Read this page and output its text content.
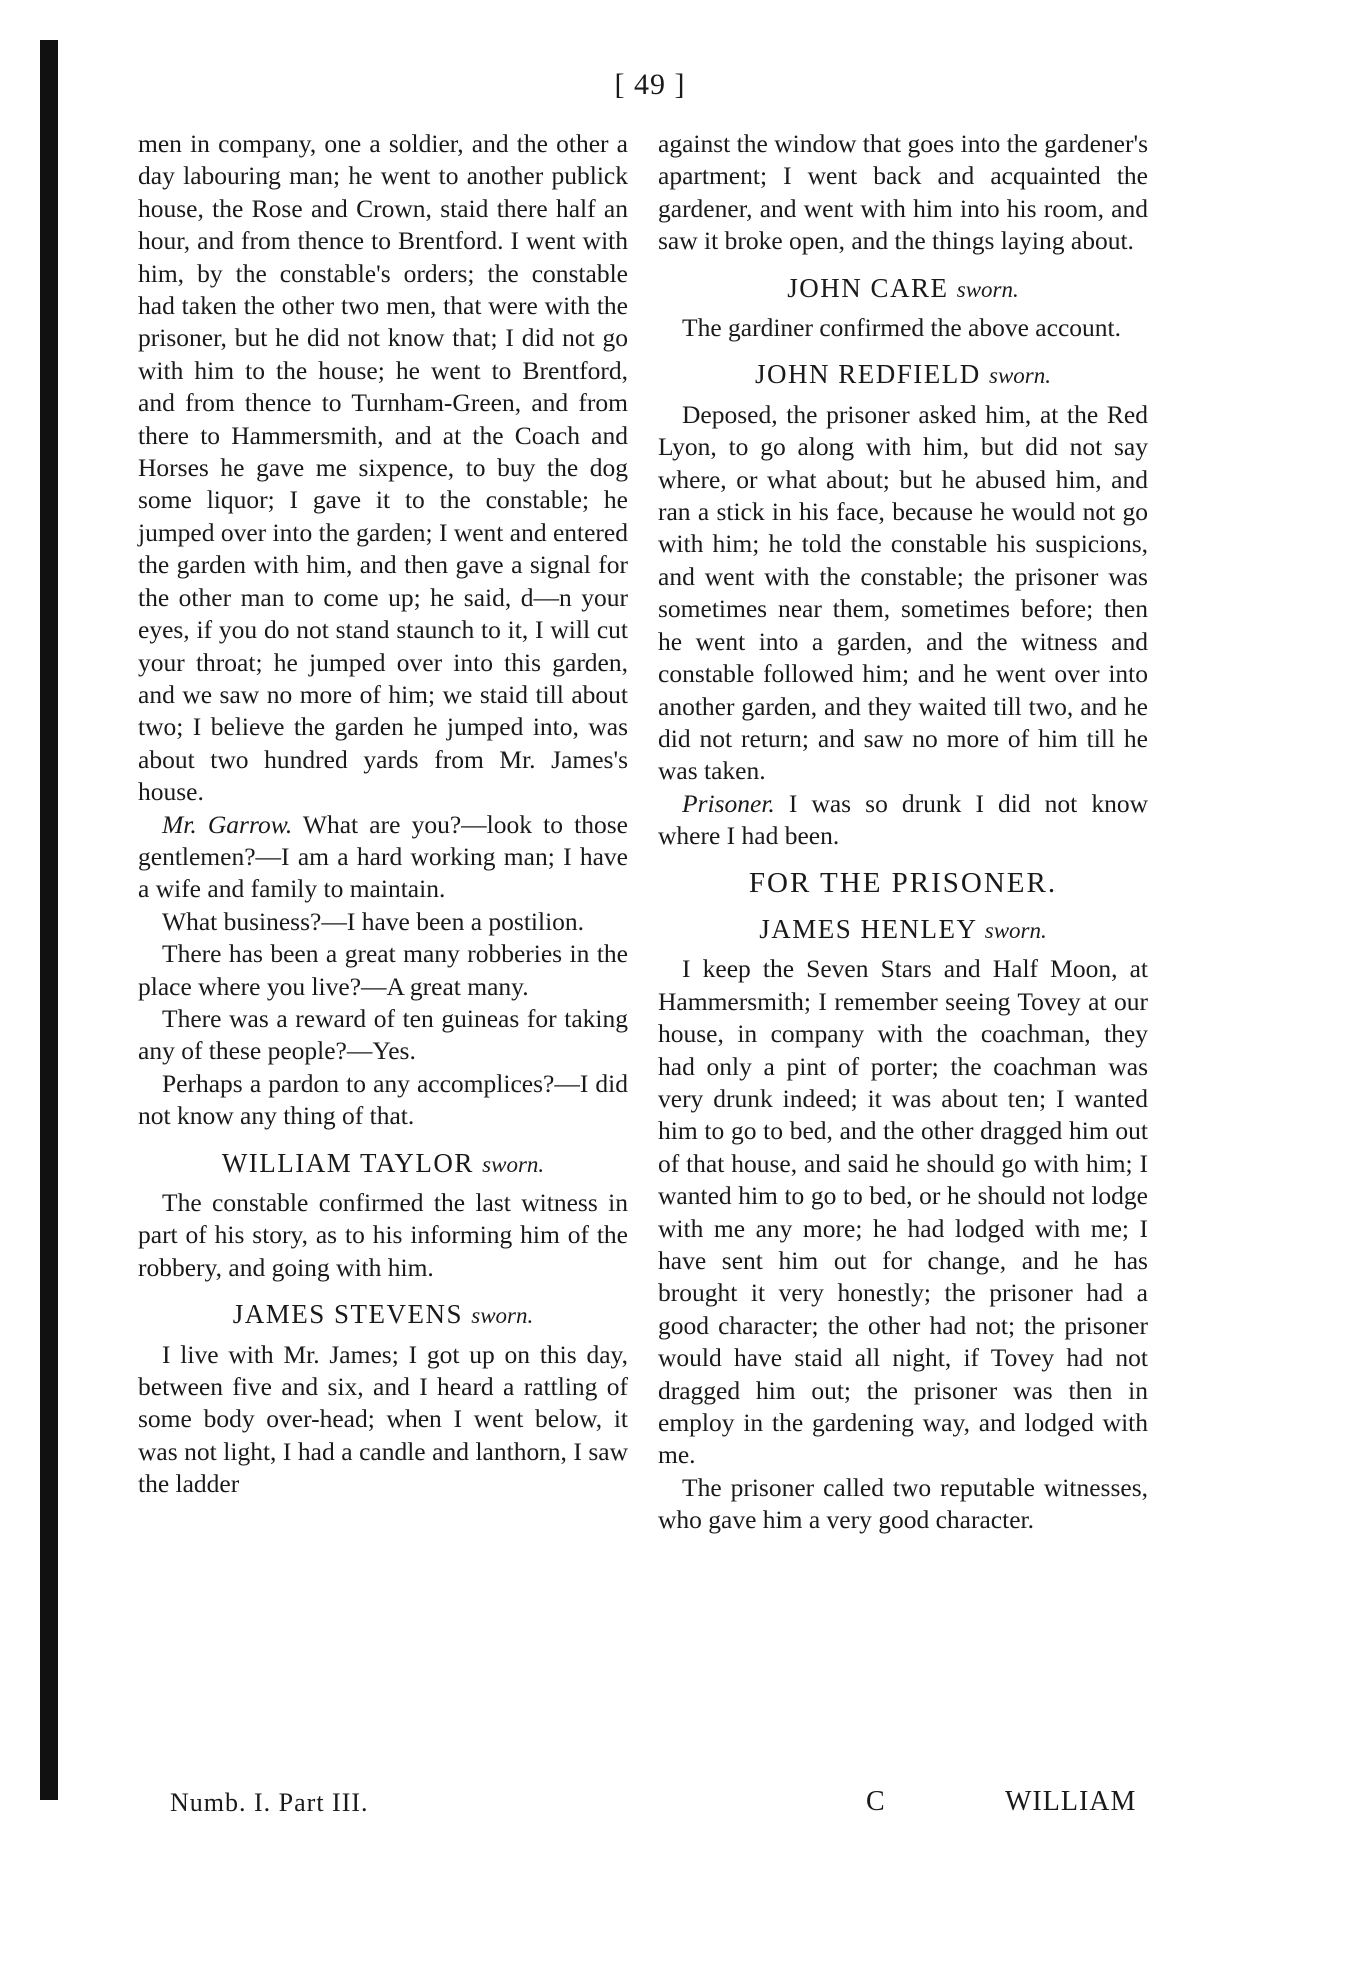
[ 49 ]

men in company, one a soldier, and the other a day labouring man; he went to another publick house, the Rose and Crown, staid there half an hour, and from thence to Brentford. I went with him, by the constable's orders; the constable had taken the other two men, that were with the prisoner, but he did not know that; I did not go with him to the house; he went to Brentford, and from thence to Turnham-Green, and from there to Hammersmith, and at the Coach and Horses he gave me sixpence, to buy the dog some liquor; I gave it to the constable; he jumped over into the garden; I went and entered the garden with him, and then gave a signal for the other man to come up; he said, d—n your eyes, if you do not stand staunch to it, I will cut your throat; he jumped over into this garden, and we saw no more of him; we staid till about two; I believe the garden he jumped into, was about two hundred yards from Mr. James's house.

Mr. Garrow. What are you?—look to those gentlemen?—I am a hard working man; I have a wife and family to maintain.

What business?—I have been a postilion.

There has been a great many robberies in the place where you live?—A great many.

There was a reward of ten guineas for taking any of these people?—Yes.

Perhaps a pardon to any accomplices?—I did not know any thing of that.

WILLIAM TAYLOR sworn.

The constable confirmed the last witness in part of his story, as to his informing him of the robbery, and going with him.

JAMES STEVENS sworn.

I live with Mr. James; I got up on this day, between five and six, and I heard a rattling of some body over-head; when I went below, it was not light, I had a candle and lanthorn, I saw the ladder

against the window that goes into the gardener's apartment; I went back and acquainted the gardener, and went with him into his room, and saw it broke open, and the things laying about.

JOHN CARE sworn.

The gardiner confirmed the above account.

JOHN REDFIELD sworn.

Deposed, the prisoner asked him, at the Red Lyon, to go along with him, but did not say where, or what about; but he abused him, and ran a stick in his face, because he would not go with him; he told the constable his suspicions, and went with the constable; the prisoner was sometimes near them, sometimes before; then he went into a garden, and the witness and constable followed him; and he went over into another garden, and they waited till two, and he did not return; and saw no more of him till he was taken.

Prisoner. I was so drunk I did not know where I had been.

FOR THE PRISONER.
JAMES HENLEY sworn.

I keep the Seven Stars and Half Moon, at Hammersmith; I remember seeing Tovey at our house, in company with the coachman, they had only a pint of porter; the coachman was very drunk indeed; it was about ten; I wanted him to go to bed, and the other dragged him out of that house, and said he should go with him; I wanted him to go to bed, or he should not lodge with me any more; he had lodged with me; I have sent him out for change, and he has brought it very honestly; the prisoner had a good character; the other had not; the prisoner would have staid all night, if Tovey had not dragged him out; the prisoner was then in employ in the gardening way, and lodged with me.

The prisoner called two reputable witnesses, who gave him a very good character.

Numb. I. Part III.	C	WILLIAM
